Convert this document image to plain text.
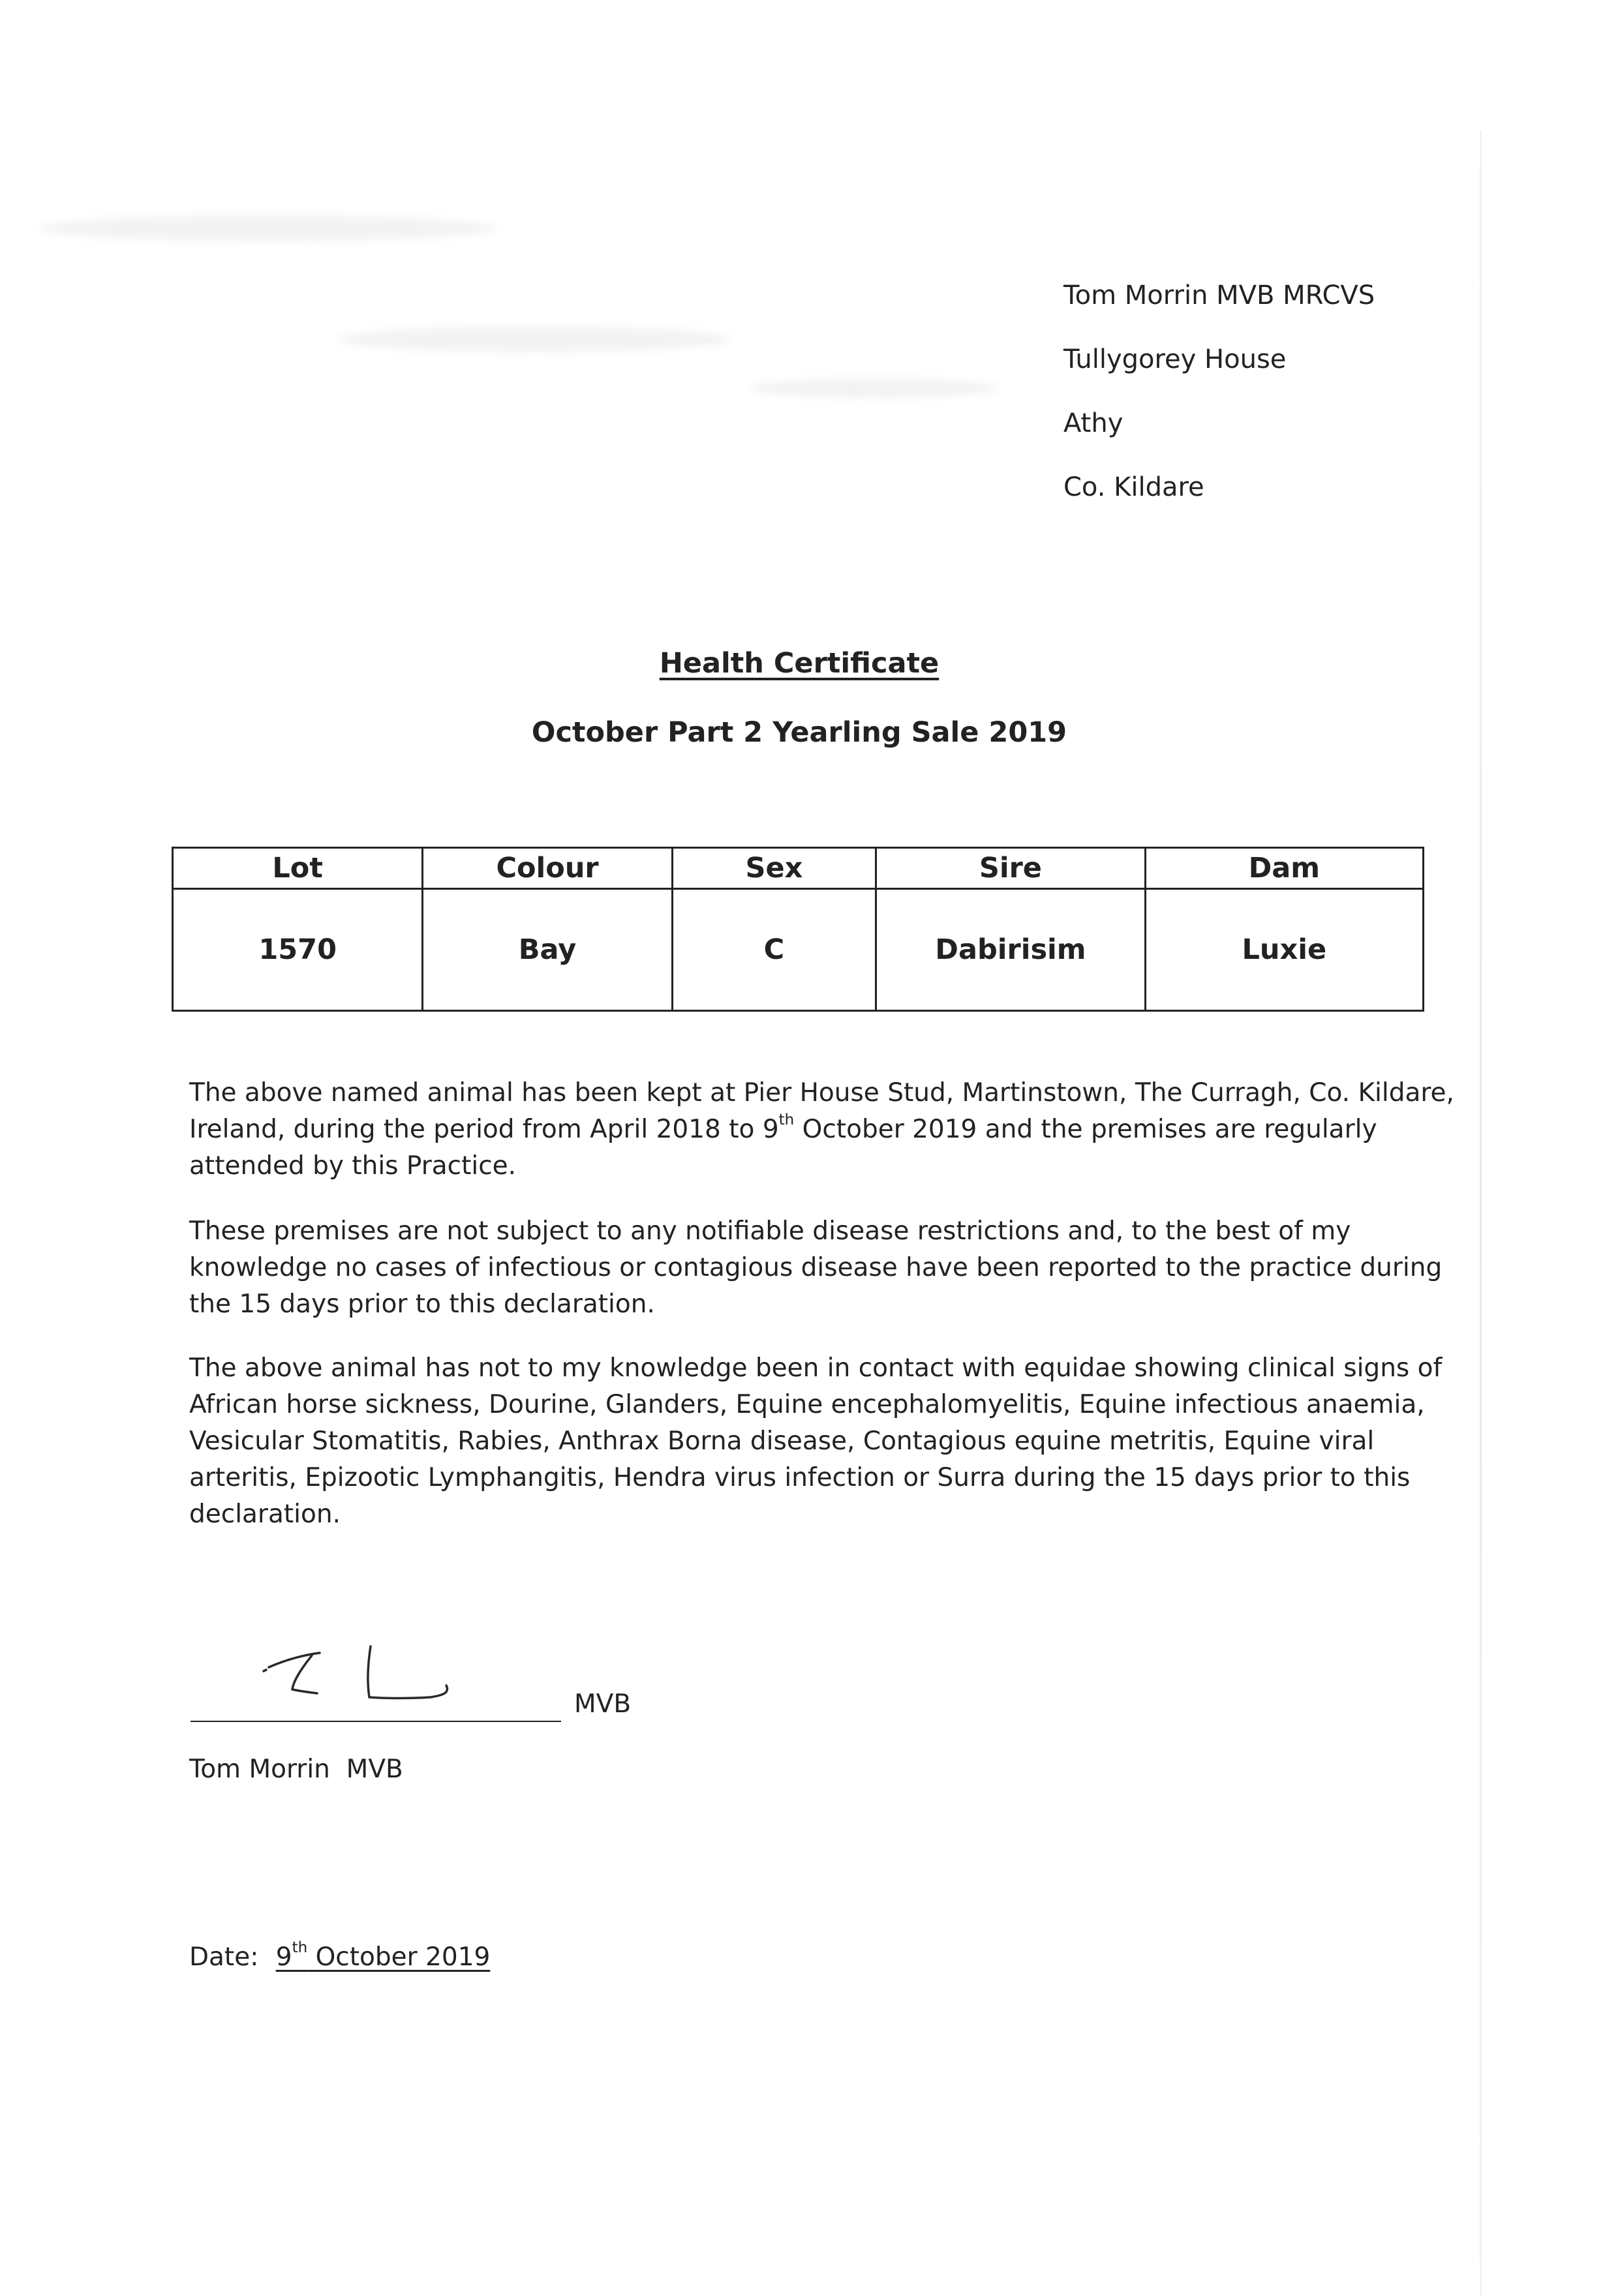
Tom Morrin MVB MRCVS
Tullygorey House
Athy
Co. Kildare
Health Certificate
October Part 2 Yearling Sale 2019
Lot	Colour	Sex	Sire	Dam
1570	Bay	C	Dabirisim	Luxie
The above named animal has been kept at Pier House Stud, Martinstown, The Curragh, Co. Kildare,
Ireland, during the period from April 2018 to 9th October 2019 and the premises are regularly
attended by this Practice.
These premises are not subject to any notifiable disease restrictions and, to the best of my
knowledge no cases of infectious or contagious disease have been reported to the practice during
the 15 days prior to this declaration.
The above animal has not to my knowledge been in contact with equidae showing clinical signs of
African horse sickness, Dourine, Glanders, Equine encephalomyelitis, Equine infectious anaemia,
Vesicular Stomatitis, Rabies, Anthrax Borna disease, Contagious equine metritis, Equine viral
arteritis, Epizootic Lymphangitis, Hendra virus infection or Surra during the 15 days prior to this
declaration.
MVB
Tom Morrin  MVB
Date: 9th October 2019
